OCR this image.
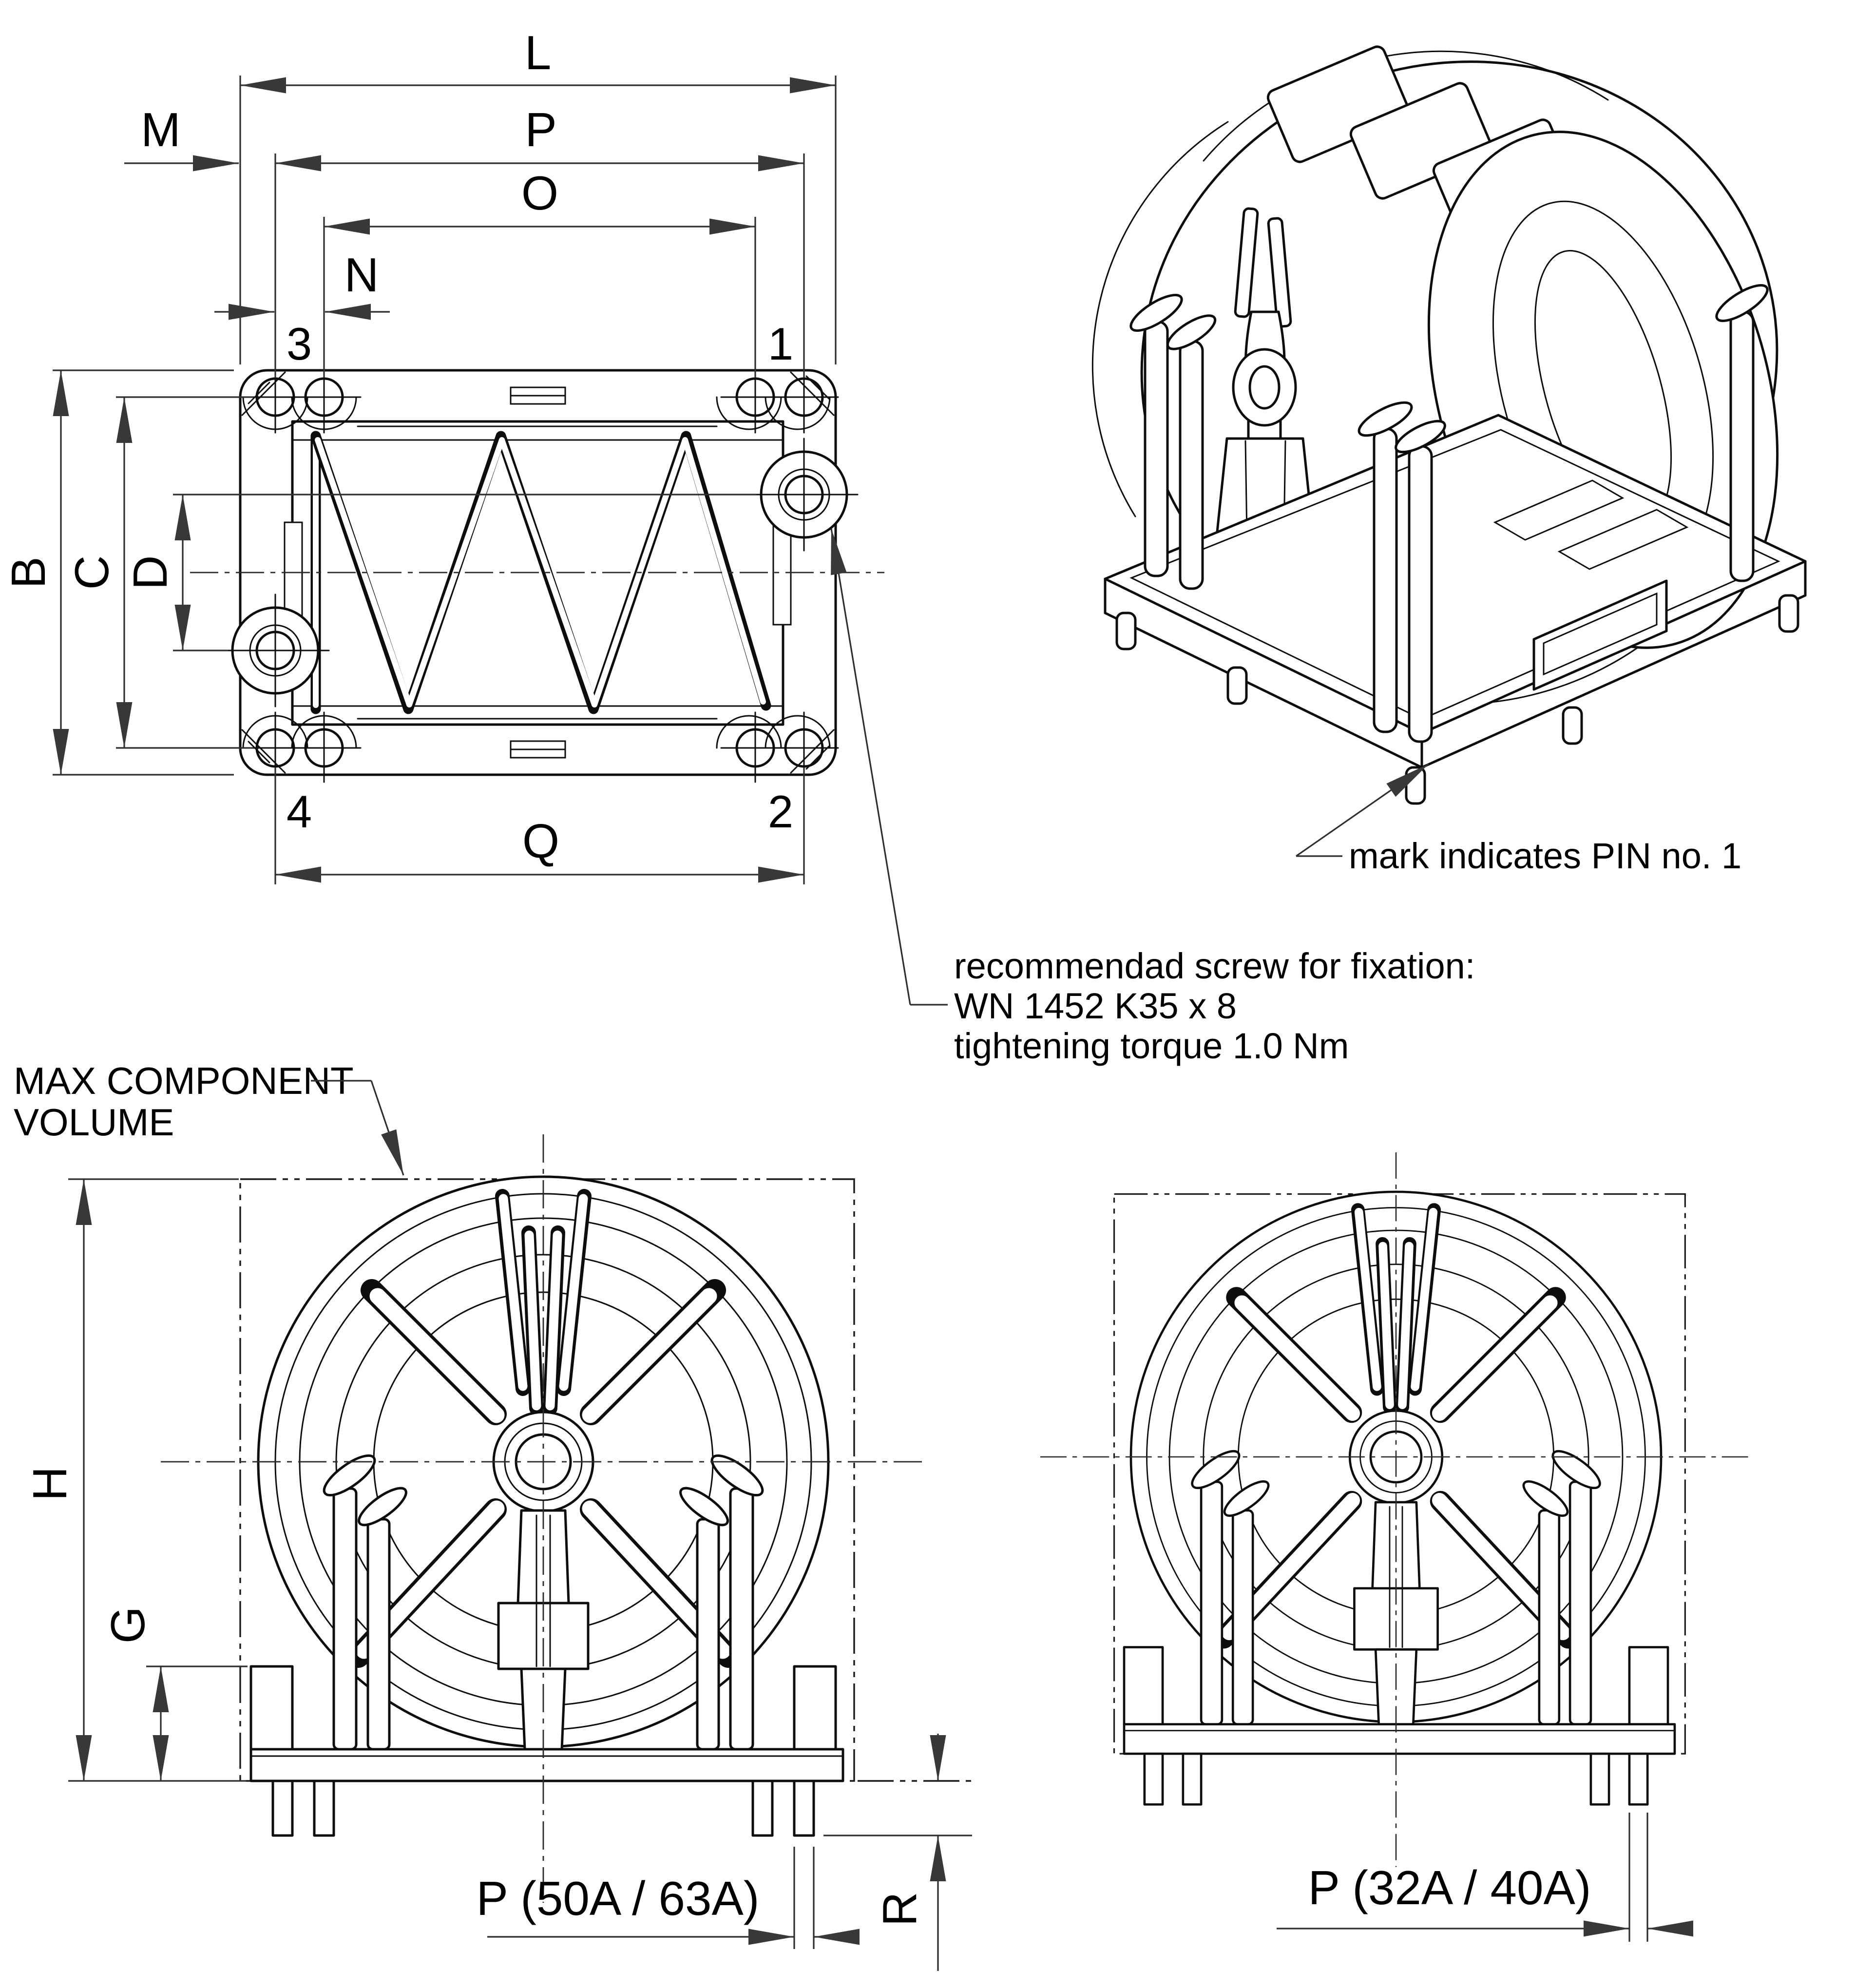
L
M	P
O
N
Q
B C D
3	1
4	2
recommendad screw for fixation:
WN 1452 K35 x 8
tightening torque 1.0 Nm
mark indicates PIN no. 1
MAX COMPONENT
VOLUME
H
G
P (50A / 63A) R	P (32A / 40A)
